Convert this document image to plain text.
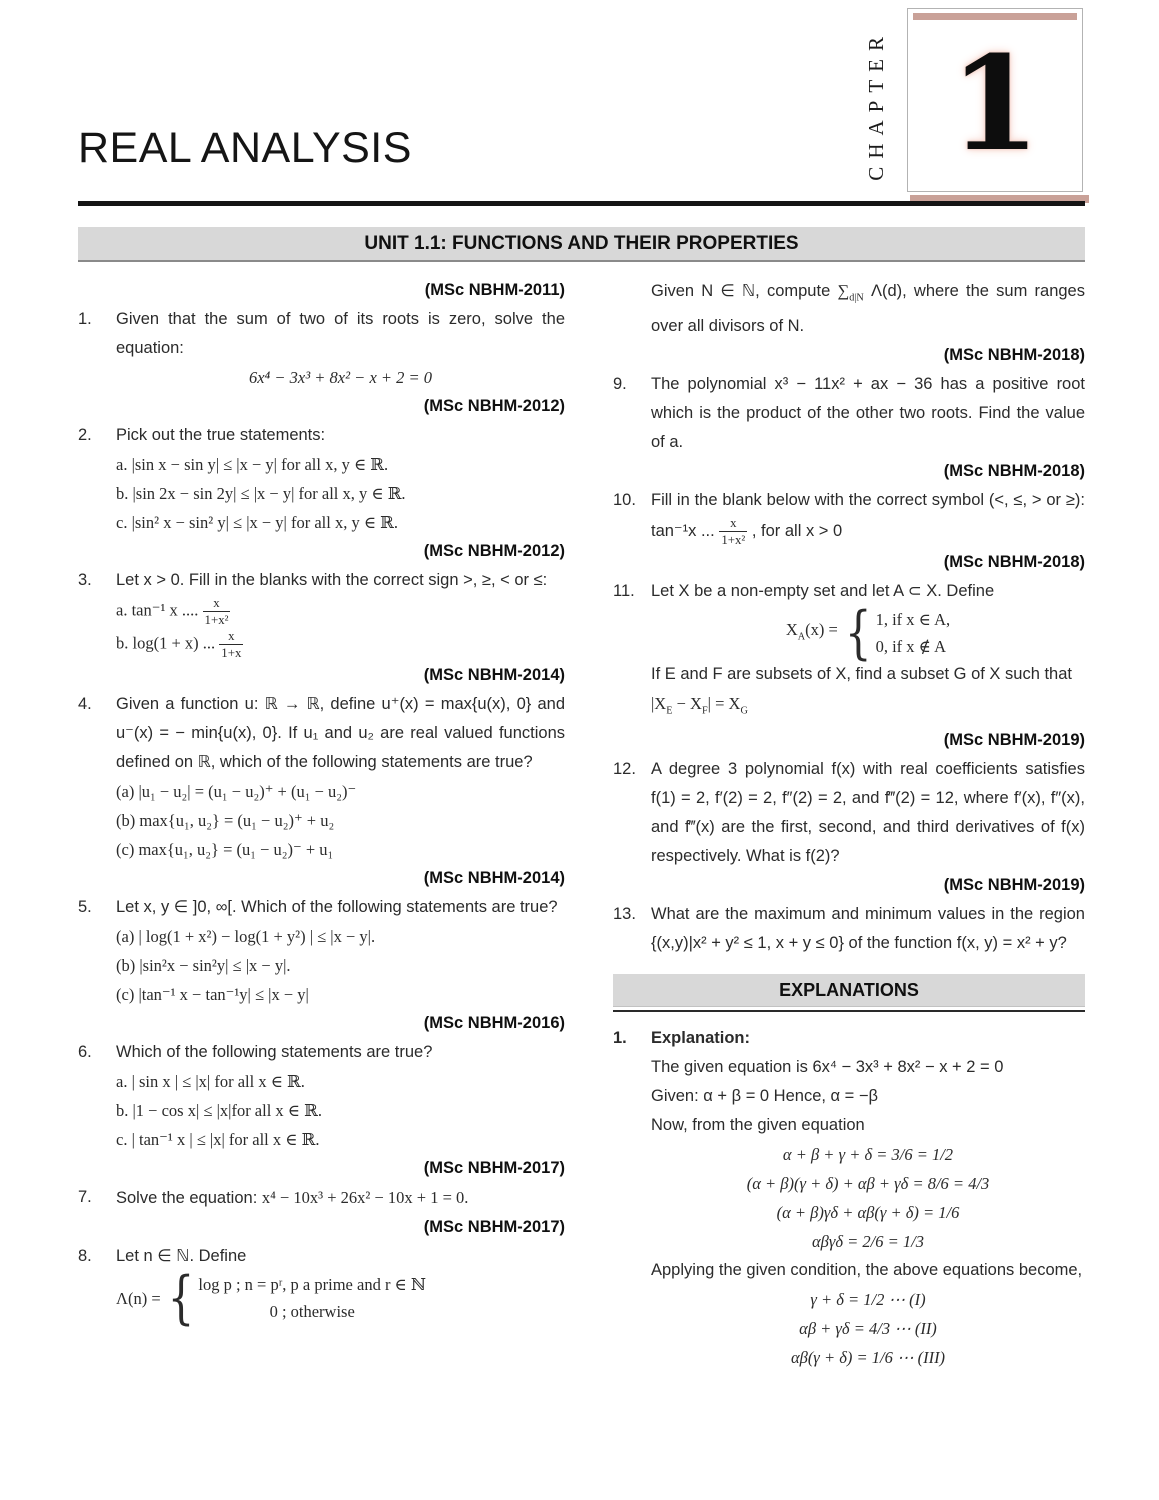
REAL ANALYSIS	CHAPTER 1
UNIT 1.1: FUNCTIONS AND THEIR PROPERTIES
(MSc NBHM-2011)
1.	Given that the sum of two of its roots is zero, solve the equation:

6x⁴ − 3x³ + 8x² − x + 2 = 0
(MSc NBHM-2012)
2.	Pick out the true statements:

a. |sin x − sin y| ≤ |x − y| for all x, y ∈ ℝ.
b. |sin 2x − sin 2y| ≤ |x − y| for all x, y ∈ ℝ.
c. |sin² x − sin² y| ≤ |x − y| for all x, y ∈ ℝ.
(MSc NBHM-2012)
3.	Let x > 0. Fill in the blanks with the correct sign >, ≥, < or ≤:

a. tan⁻¹ x .... $\frac{x}{\text{1+x²}}$
b. log(1 + x) ... $\frac{x}{1+x}$
(MSc NBHM-2014)
4.	Given a function u: ℝ → ℝ, define u⁺(x) = max{u(x), 0} and u⁻(x) = − min{u(x), 0}. If u₁ and u₂ are real valued functions defined on ℝ, which of the following statements are true?

(a) |u₁ − u₂| = (u₁ − u₂)⁺ + (u₁ − u₂)⁻
(b) max{u₁, u₂} = (u₁ − u₂)⁺ + u₂
(c) max{u₁, u₂} = (u₁ − u₂)⁻ + u₁
(MSc NBHM-2014)
5.	Let x, y ∈ ]0, ∞[. Which of the following statements are true?

(a) | log(1 + x²) − log(1 + y²) | ≤ |x − y|.
(b) |sin²x − sin²y| ≤ |x − y|.
(c) |tan⁻¹ x − tan⁻¹y| ≤ |x − y|
(MSc NBHM-2016)
6.	Which of the following statements are true?

a. | sin x | ≤ |x| for all x ∈ ℝ.
b. |1 − cos x| ≤ |x|for all x ∈ ℝ.
c. | tan⁻¹ x | ≤ |x| for all x ∈ ℝ.
(MSc NBHM-2017)
7.	Solve the equation: x⁴ − 10x³ + 26x² − 10x + 1 = 0.

(MSc NBHM-2017)
8.	Let n ∈ ℕ. Define

Λ(n) = { log p ; n = pʳ, p a prime and r ∈ ℕ
0 ; otherwise

Given N ∈ ℕ, compute $\sum_{d|N}$ Λ(d), where the sum ranges over all divisors of N.

(MSc NBHM-2018)
9.	The polynomial x³ − 11x² + ax − 36 has a positive root which is the product of the other two roots. Find the value of a.

(MSc NBHM-2018)
10. Fill in the blank below with the correct symbol (<, ≤, > or ≥): tan⁻¹x ... $\frac{x}{\text{1+x²}}$ , for all x > 0

(MSc NBHM-2018)
11. Let X be a non-empty set and let A ⊂ X. Define

$X_A(x)$ = { 1, if x ∈ A,
0, if x ∉ A

If E and F are subsets of X, find a subset G of X such that

$|X_E - X_F| = X_G$
(MSc NBHM-2019)
12. A degree 3 polynomial f(x) with real coefficients satisfies f(1) = 2, f′(2) = 2, f″(2) = 2, and f‴(2) = 12, where f′(x), f″(x), and f‴(x) are the first, second, and third derivatives of f(x) respectively. What is f(2)?

(MSc NBHM-2019)
13. What are the maximum and minimum values in the region {(x,y)|x² + y² ≤ 1, x + y ≤ 0} of the function f(x, y) = x² + y?

EXPLANATIONS
1.	Explanation:

The given equation is 6x⁴ − 3x³ + 8x² − x + 2 = 0

Given: α + β = 0 Hence, α = −β

Now, from the given equation

α + β + γ + δ = 3/6 = 1/2
(α + β)(γ + δ) + αβ + γδ = 8/6 = 4/3
(α + β)γδ + αβ(γ + δ) = 1/6
αβγδ = 2/6 = 1/3

Applying the given condition, the above equations become,

γ + δ = 1/2 ⋯ (I)
αβ + γδ = 4/3 ⋯ (II)
αβ(γ + δ) = 1/6 ⋯ (III)
